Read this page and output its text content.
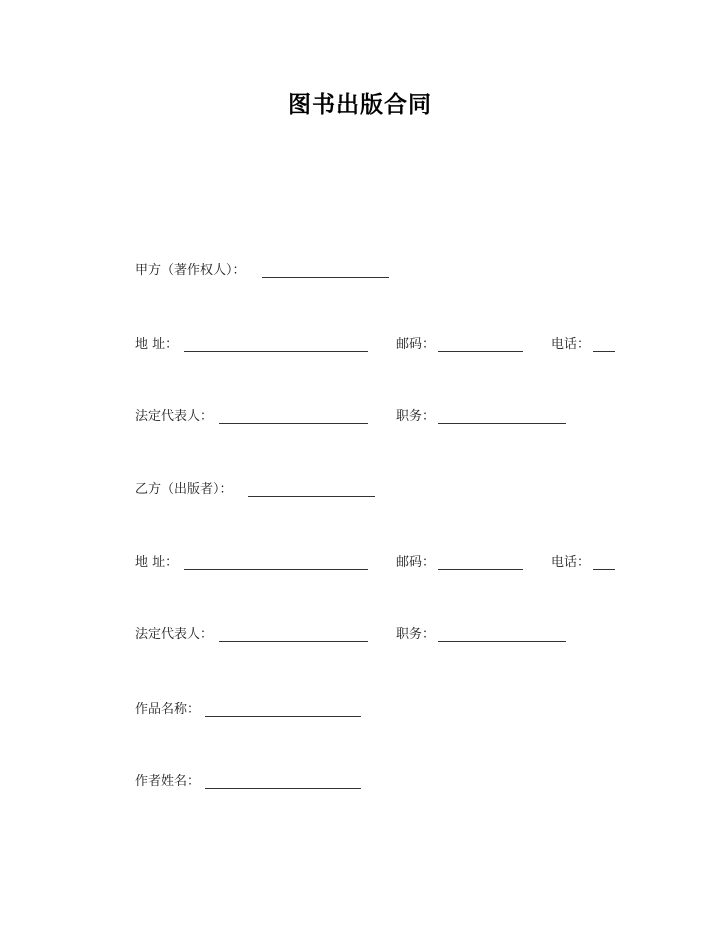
图书出版合同
甲方（著作权人）：
地 址：	邮码：	电话：
法定代表人：	职务：
乙方（出版者）：
地 址：	邮码：	电话：
法定代表人：	职务：
作品名称：
作者姓名：
